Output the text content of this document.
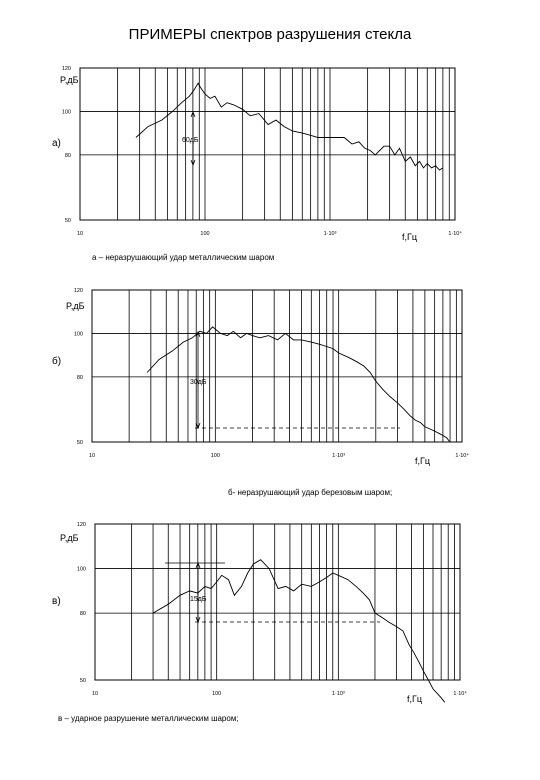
ПРИМЕРЫ спектров разрушения стекла
50
80
100
120
10	100	1·10³	1·10⁴
P,дБ
f,Гц
а)	60дБ
50
80
100
120
10	100	1·10³	1·10⁴
P,дБ
f,Гц
б)
30дБ
50
80
100
120
10	100	1·10³	1·10⁴
P,дБ
f,Гц
в)	15дБ
а – неразрушающий удар металлическим шаром
б- неразрушающий удар березовым шаром;
в – ударное разрушение металлическим шаром;
